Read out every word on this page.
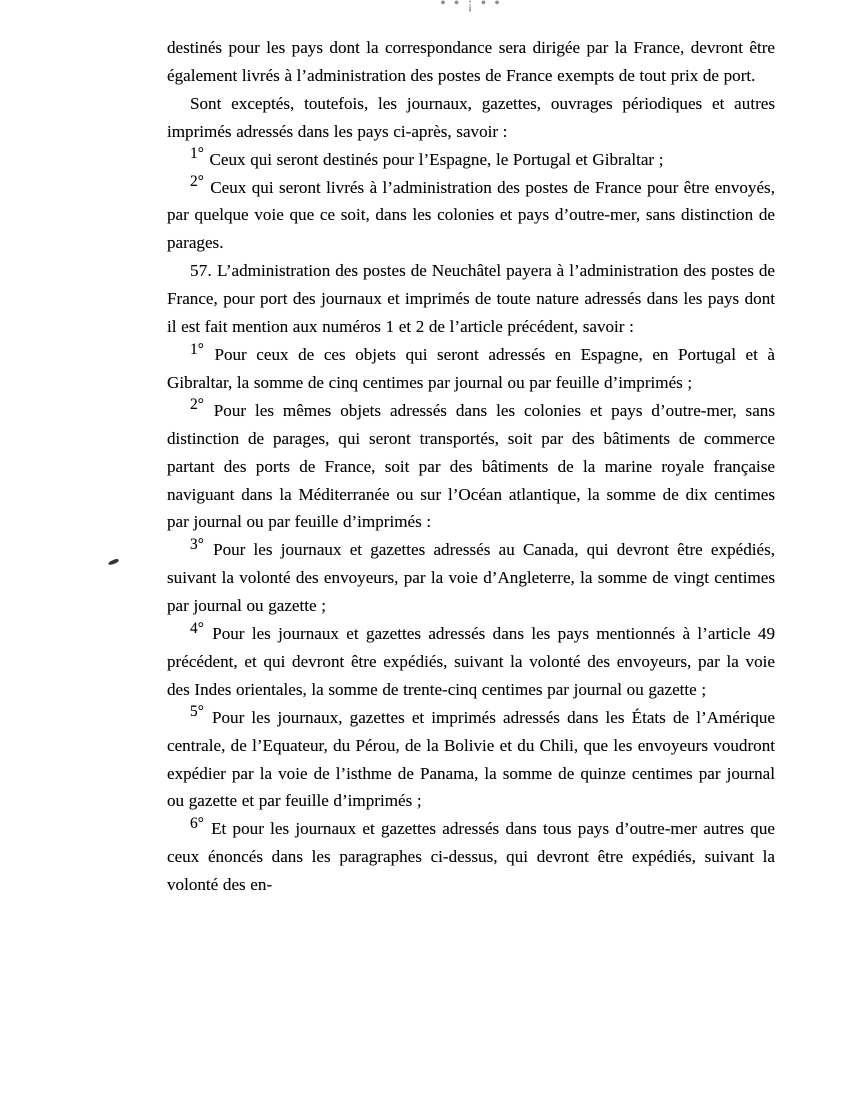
• • ¡ • •

destinés pour les pays dont la correspondance sera dirigée par la France, devront être également livrés à l’administration des postes de France exempts de tout prix de port.

Sont exceptés, toutefois, les journaux, gazettes, ouvrages périodiques et autres imprimés adressés dans les pays ci-après, savoir :

1° Ceux qui seront destinés pour l’Espagne, le Portugal et Gibraltar ;

2° Ceux qui seront livrés à l’administration des postes de France pour être envoyés, par quelque voie que ce soit, dans les colonies et pays d’outre-mer, sans distinction de parages.

57. L’administration des postes de Neuchâtel payera à l’administration des postes de France, pour port des journaux et imprimés de toute nature adressés dans les pays dont il est fait mention aux numéros 1 et 2 de l’article précédent, savoir :

1° Pour ceux de ces objets qui seront adressés en Espagne, en Portugal et à Gibraltar, la somme de cinq centimes par journal ou par feuille d’imprimés ;

2° Pour les mêmes objets adressés dans les colonies et pays d’outre-mer, sans distinction de parages, qui seront transportés, soit par des bâtiments de commerce partant des ports de France, soit par des bâtiments de la marine royale française naviguant dans la Méditerranée ou sur l’Océan atlantique, la somme de dix centimes par journal ou par feuille d’imprimés :

3° Pour les journaux et gazettes adressés au Canada, qui devront être expédiés, suivant la volonté des envoyeurs, par la voie d’Angleterre, la somme de vingt centimes par journal ou gazette ;

4° Pour les journaux et gazettes adressés dans les pays mentionnés à l’article 49 précédent, et qui devront être expédiés, suivant la volonté des envoyeurs, par la voie des Indes orientales, la somme de trente-cinq centimes par journal ou gazette ;

5° Pour les journaux, gazettes et imprimés adressés dans les États de l’Amérique centrale, de l’Equateur, du Pérou, de la Bolivie et du Chili, que les envoyeurs voudront expédier par la voie de l’isthme de Panama, la somme de quinze centimes par journal ou gazette et par feuille d’imprimés ;

6° Et pour les journaux et gazettes adressés dans tous pays d’outre-mer autres que ceux énoncés dans les paragraphes ci-dessus, qui devront être expédiés, suivant la volonté des en-
